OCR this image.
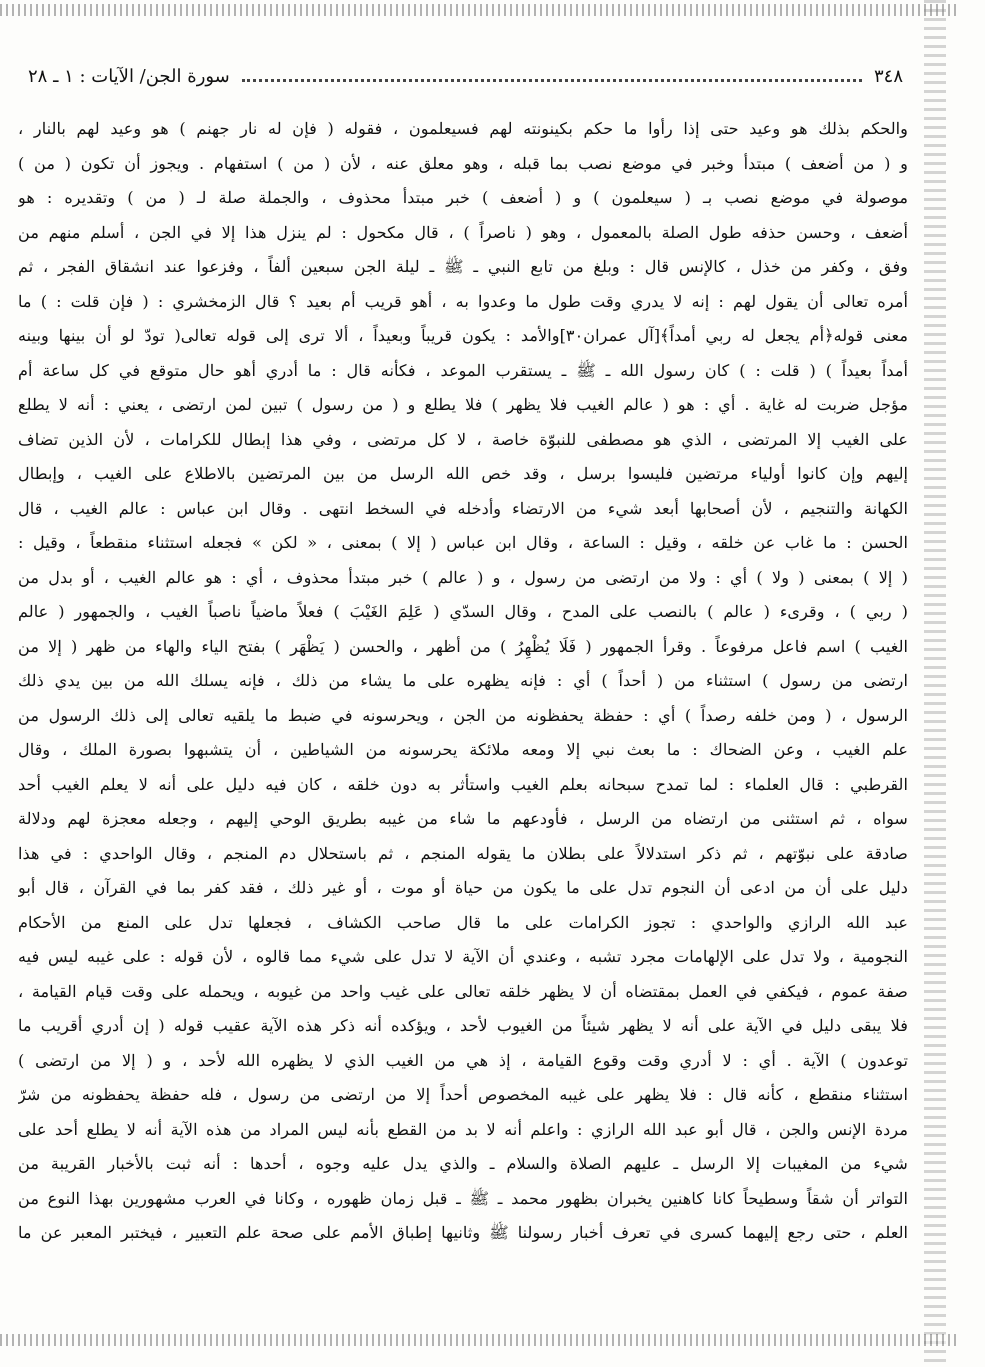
٣٤٨
سورة الجن/ الآيات : ١ ـ ٢٨
والحكم بذلك هو وعيد حتى إذا رأوا ما حكم بكينونته لهم فسيعلمون ، فقوله ( فإن له نار جهنم ) هو وعيد لهم بالنار ،
و ( من أضعف ) مبتدأ وخبر في موضع نصب بما قبله ، وهو معلق عنه ، لأن ( من ) استفهام . ويجوز أن تكون ( من )
موصولة في موضع نصب بـ ( سيعلمون ) و ( أضعف ) خبر مبتدأ محذوف ، والجملة صلة لـ ( من ) وتقديره : هو
أضعف ، وحسن حذفه طول الصلة بالمعمول ، وهو ( ناصراً ) ، قال مكحول : لم ينزل هذا إلا في الجن ، أسلم منهم من
وفق ، وكفر من خذل ، كالإنس قال : وبلغ من تابع النبي ـ ﷺ ـ ليلة الجن سبعين ألفاً ، وفزعوا عند انشقاق الفجر ، ثم
أمره تعالى أن يقول لهم : إنه لا يدري وقت طول ما وعدوا به ، أهو قريب أم بعيد ؟ قال الزمخشري : ( فإن قلت : ) ما
معنى قوله﴿أم يجعل له ربي أمداً﴾[آل عمران٣٠]والأمد : يكون قريباً وبعيداً ، ألا ترى إلى قوله تعالى( تودّ لو أن بينها وبينه
أمداً بعيداً ) ( قلت : ) كان رسول الله ـ ﷺ ـ يستقرب الموعد ، فكأنه قال : ما أدري أهو حال متوقع في كل ساعة أم
مؤجل ضربت له غاية . أي : هو ( عالم الغيب فلا يظهر ) فلا يطلع و ( من رسول ) تبين لمن ارتضى ، يعني : أنه لا يطلع
على الغيب إلا المرتضى ، الذي هو مصطفى للنبوّة خاصة ، لا كل مرتضى ، وفي هذا إبطال للكرامات ، لأن الذين تضاف
إليهم وإن كانوا أولياء مرتضين فليسوا برسل ، وقد خص الله الرسل من بين المرتضين بالاطلاع على الغيب ، وإبطال
الكهانة والتنجيم ، لأن أصحابها أبعد شيء من الارتضاء وأدخله في السخط انتهى . وقال ابن عباس : عالم الغيب ، قال
الحسن : ما غاب عن خلقه ، وقيل : الساعة ، وقال ابن عباس ( إلا ) بمعنى ، « لكن » فجعله استثناء منقطعاً ، وقيل :
( إلا ) بمعنى ( ولا ) أي : ولا من ارتضى من رسول ، و ( عالم ) خبر مبتدأ محذوف ، أي : هو عالم الغيب ، أو بدل من
( ربي ) ، وقرىء ( عالم ) بالنصب على المدح ، وقال السدّي ( عَلِمَ الغَيْبَ ) فعلاً ماضياً ناصباً الغيب ، والجمهور ( عالم
الغيب ) اسم فاعل مرفوعاً . وقرأ الجمهور ( فَلَا يُظْهِرُ ) من أظهر ، والحسن ( يَظْهَر ) بفتح الياء والهاء من ظهر ( إلا من
ارتضى من رسول ) استثناء من ( أحداً ) أي : فإنه يظهره على ما يشاء من ذلك ، فإنه يسلك الله من بين يدي ذلك
الرسول ، ( ومن خلفه رصداً ) أي : حفظة يحفظونه من الجن ، ويحرسونه في ضبط ما يلقيه تعالى إلى ذلك الرسول من
علم الغيب ، وعن الضحاك : ما بعث نبي إلا ومعه ملائكة يحرسونه من الشياطين ، أن يتشبهوا بصورة الملك ، وقال
القرطبي : قال العلماء : لما تمدح سبحانه بعلم الغيب واستأثر به دون خلقه ، كان فيه دليل على أنه لا يعلم الغيب أحد
سواه ، ثم استثنى من ارتضاه من الرسل ، فأودعهم ما شاء من غيبه بطريق الوحي إليهم ، وجعله معجزة لهم ودلالة
صادقة على نبوّتهم ، ثم ذكر استدلالاً على بطلان ما يقوله المنجم ، ثم باستحلال دم المنجم ، وقال الواحدي : في هذا
دليل على أن من ادعى أن النجوم تدل على ما يكون من حياة أو موت ، أو غير ذلك ، فقد كفر بما في القرآن ، قال أبو
عبد الله الرازي والواحدي : تجوز الكرامات على ما قال صاحب الكشاف ، فجعلها تدل على المنع من الأحكام
النجومية ، ولا تدل على الإلهامات مجرد تشبه ، وعندي أن الآية لا تدل على شيء مما قالوه ، لأن قوله : على غيبه ليس فيه
صفة عموم ، فيكفي في العمل بمقتضاه أن لا يظهر خلقه تعالى على غيب واحد من غيوبه ، ويحمله على وقت قيام القيامة ،
فلا يبقى دليل في الآية على أنه لا يظهر شيئاً من الغيوب لأحد ، ويؤكده أنه ذكر هذه الآية عقيب قوله ( إن أدري أقريب ما
توعدون ) الآية . أي : لا أدري وقت وقوع القيامة ، إذ هي من الغيب الذي لا يظهره الله لأحد ، و ( إلا من ارتضى )
استثناء منقطع ، كأنه قال : فلا يظهر على غيبه المخصوص أحداً إلا من ارتضى من رسول ، فله حفظة يحفظونه من شرّ
مردة الإنس والجن ، قال أبو عبد الله الرازي : واعلم أنه لا بد من القطع بأنه ليس المراد من هذه الآية أنه لا يطلع أحد على
شيء من المغيبات إلا الرسل ـ عليهم الصلاة والسلام ـ والذي يدل عليه وجوه ، أحدها : أنه ثبت بالأخبار القريبة من
التواتر أن شقاً وسطيحاً كانا كاهنين يخبران بظهور محمد ـ ﷺ ـ قبل زمان ظهوره ، وكانا في العرب مشهورين بهذا النوع من
العلم ، حتى رجع إليهما كسرى في تعرف أخبار رسولنا ﷺ وثانيها إطباق الأمم على صحة علم التعبير ، فيختبر المعبر عن ما
